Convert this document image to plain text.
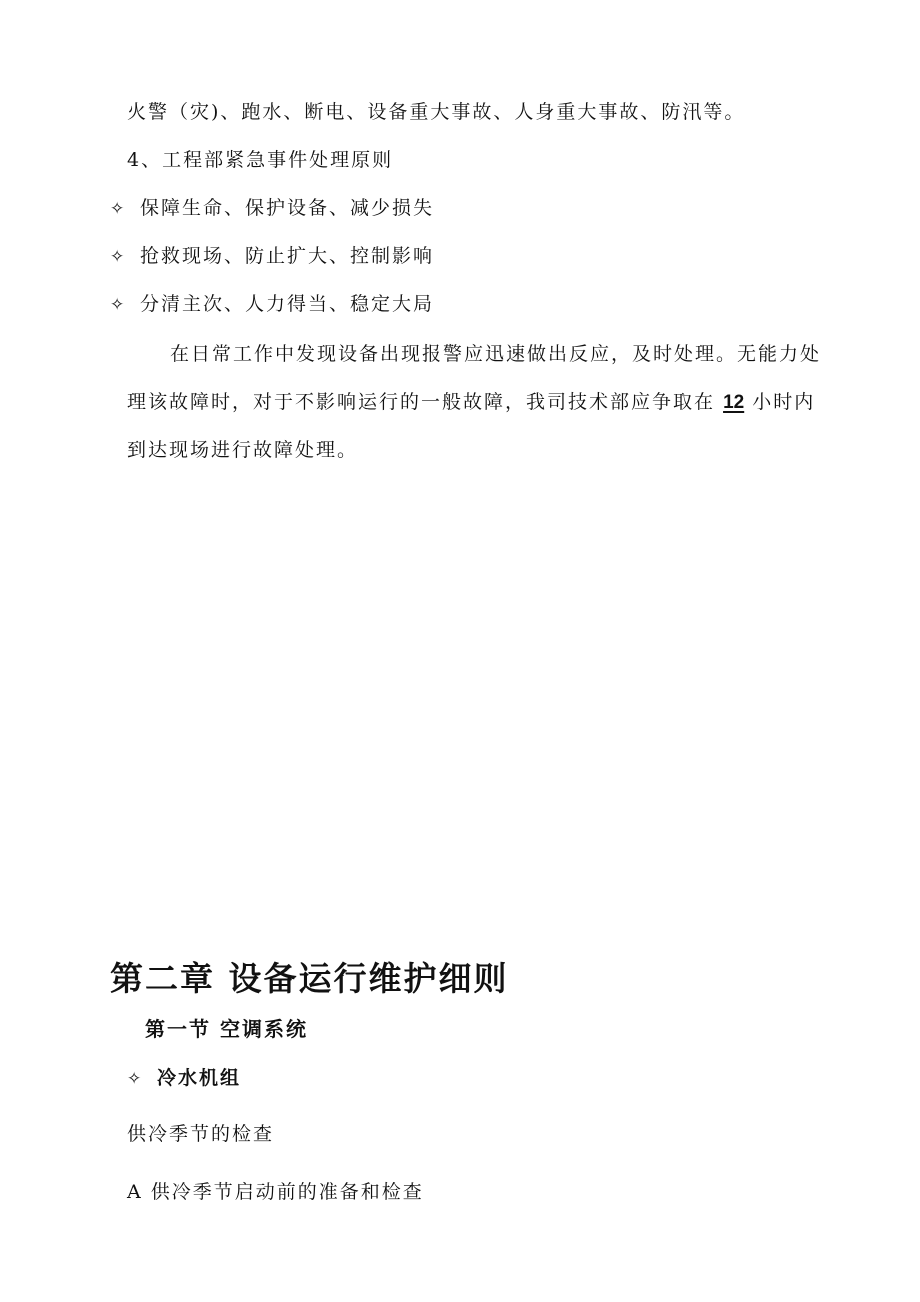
火警（灾)、跑水、断电、设备重大事故、人身重大事故、防汛等。
4、工程部紧急事件处理原则
✧ 保障生命、保护设备、减少损失
✧ 抢救现场、防止扩大、控制影响
✧ 分清主次、人力得当、稳定大局
在日常工作中发现设备出现报警应迅速做出反应，及时处理。无能力处
理该故障时，对于不影响运行的一般故障，我司技术部应争取在 12 小时内
到达现场进行故障处理。
第二章 设备运行维护细则
第一节 空调系统
✧ 冷水机组
供冷季节的检查
A 供冷季节启动前的准备和检查
